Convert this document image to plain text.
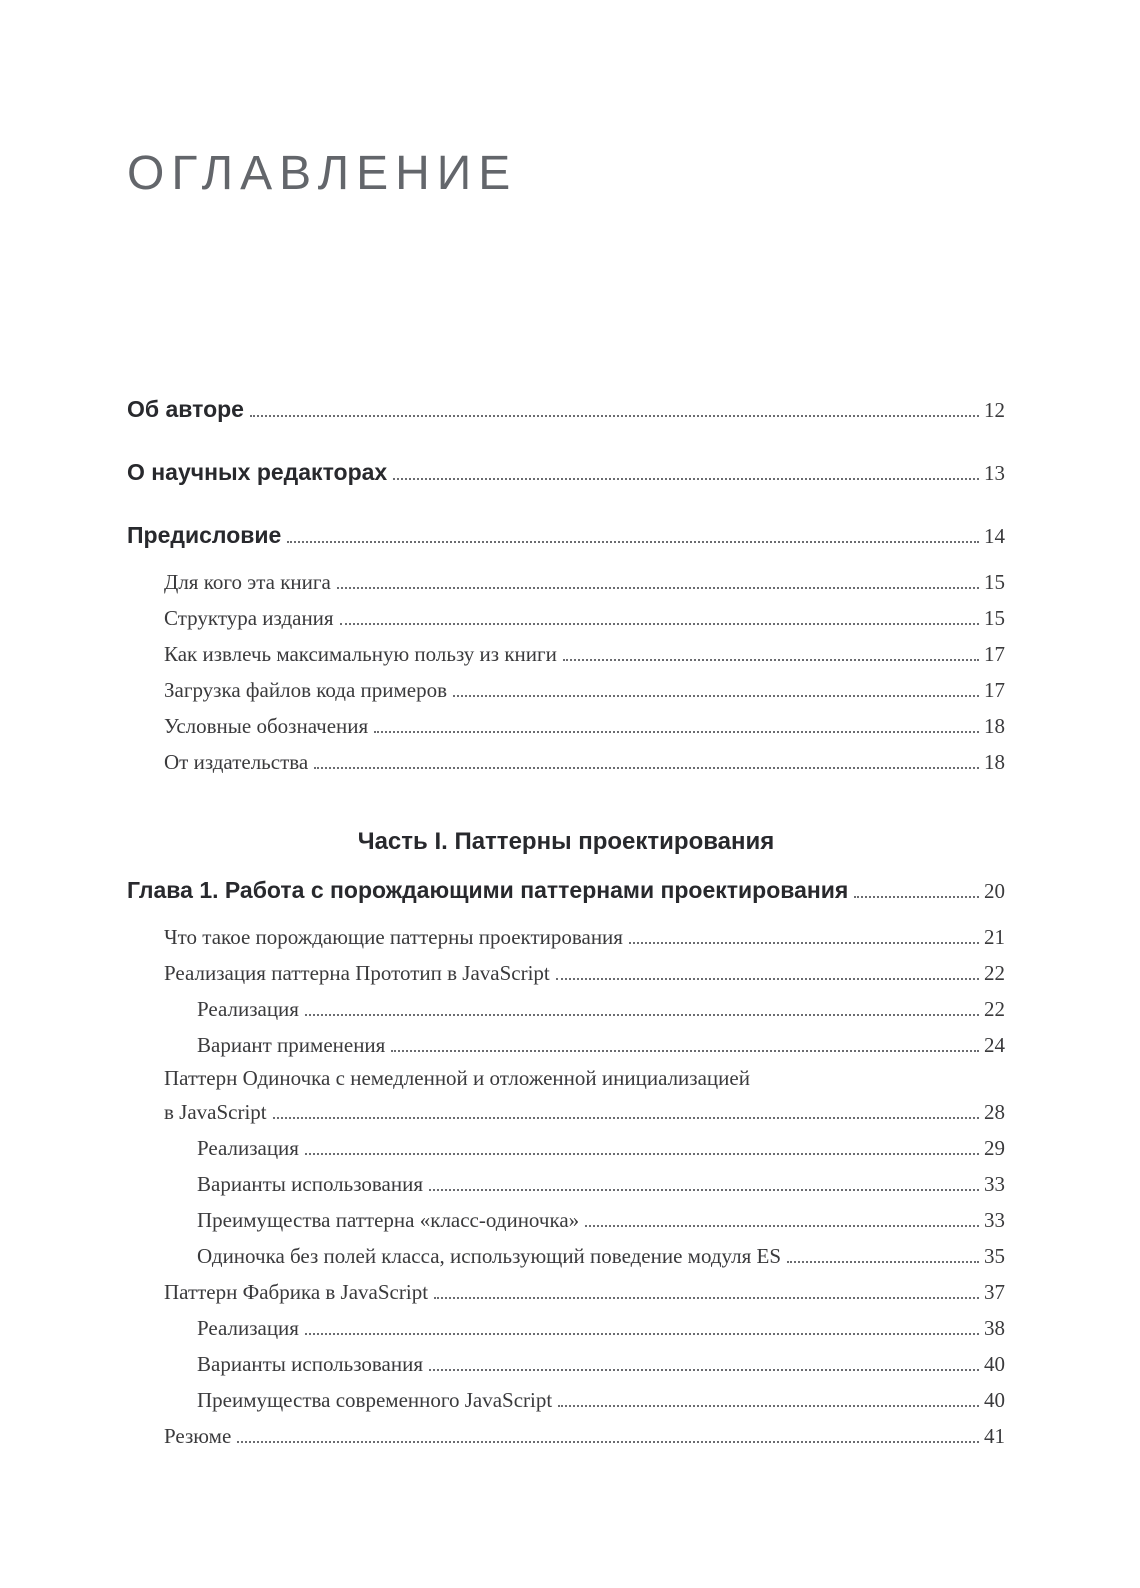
ОГЛАВЛЕНИЕ
Об авторе	12
О научных редакторах	13
Предисловие	14
Для кого эта книга	15
Структура издания	15
Как извлечь максимальную пользу из книги	17
Загрузка файлов кода примеров	17
Условные обозначения	18
От издательства	18
Часть I. Паттерны проектирования
Глава 1. Работа с порождающими паттернами проектирования	20
Что такое порождающие паттерны проектирования	21
Реализация паттерна Прототип в JavaScript	22
Реализация	22
Вариант применения	24
Паттерн Одиночка с немедленной и отложенной инициализацией
в JavaScript	28
Реализация	29
Варианты использования	33
Преимущества паттерна «класс-одиночка»	33
Одиночка без полей класса, использующий поведение модуля ES	35
Паттерн Фабрика в JavaScript	37
Реализация	38
Варианты использования	40
Преимущества современного JavaScript	40
Резюме	41
